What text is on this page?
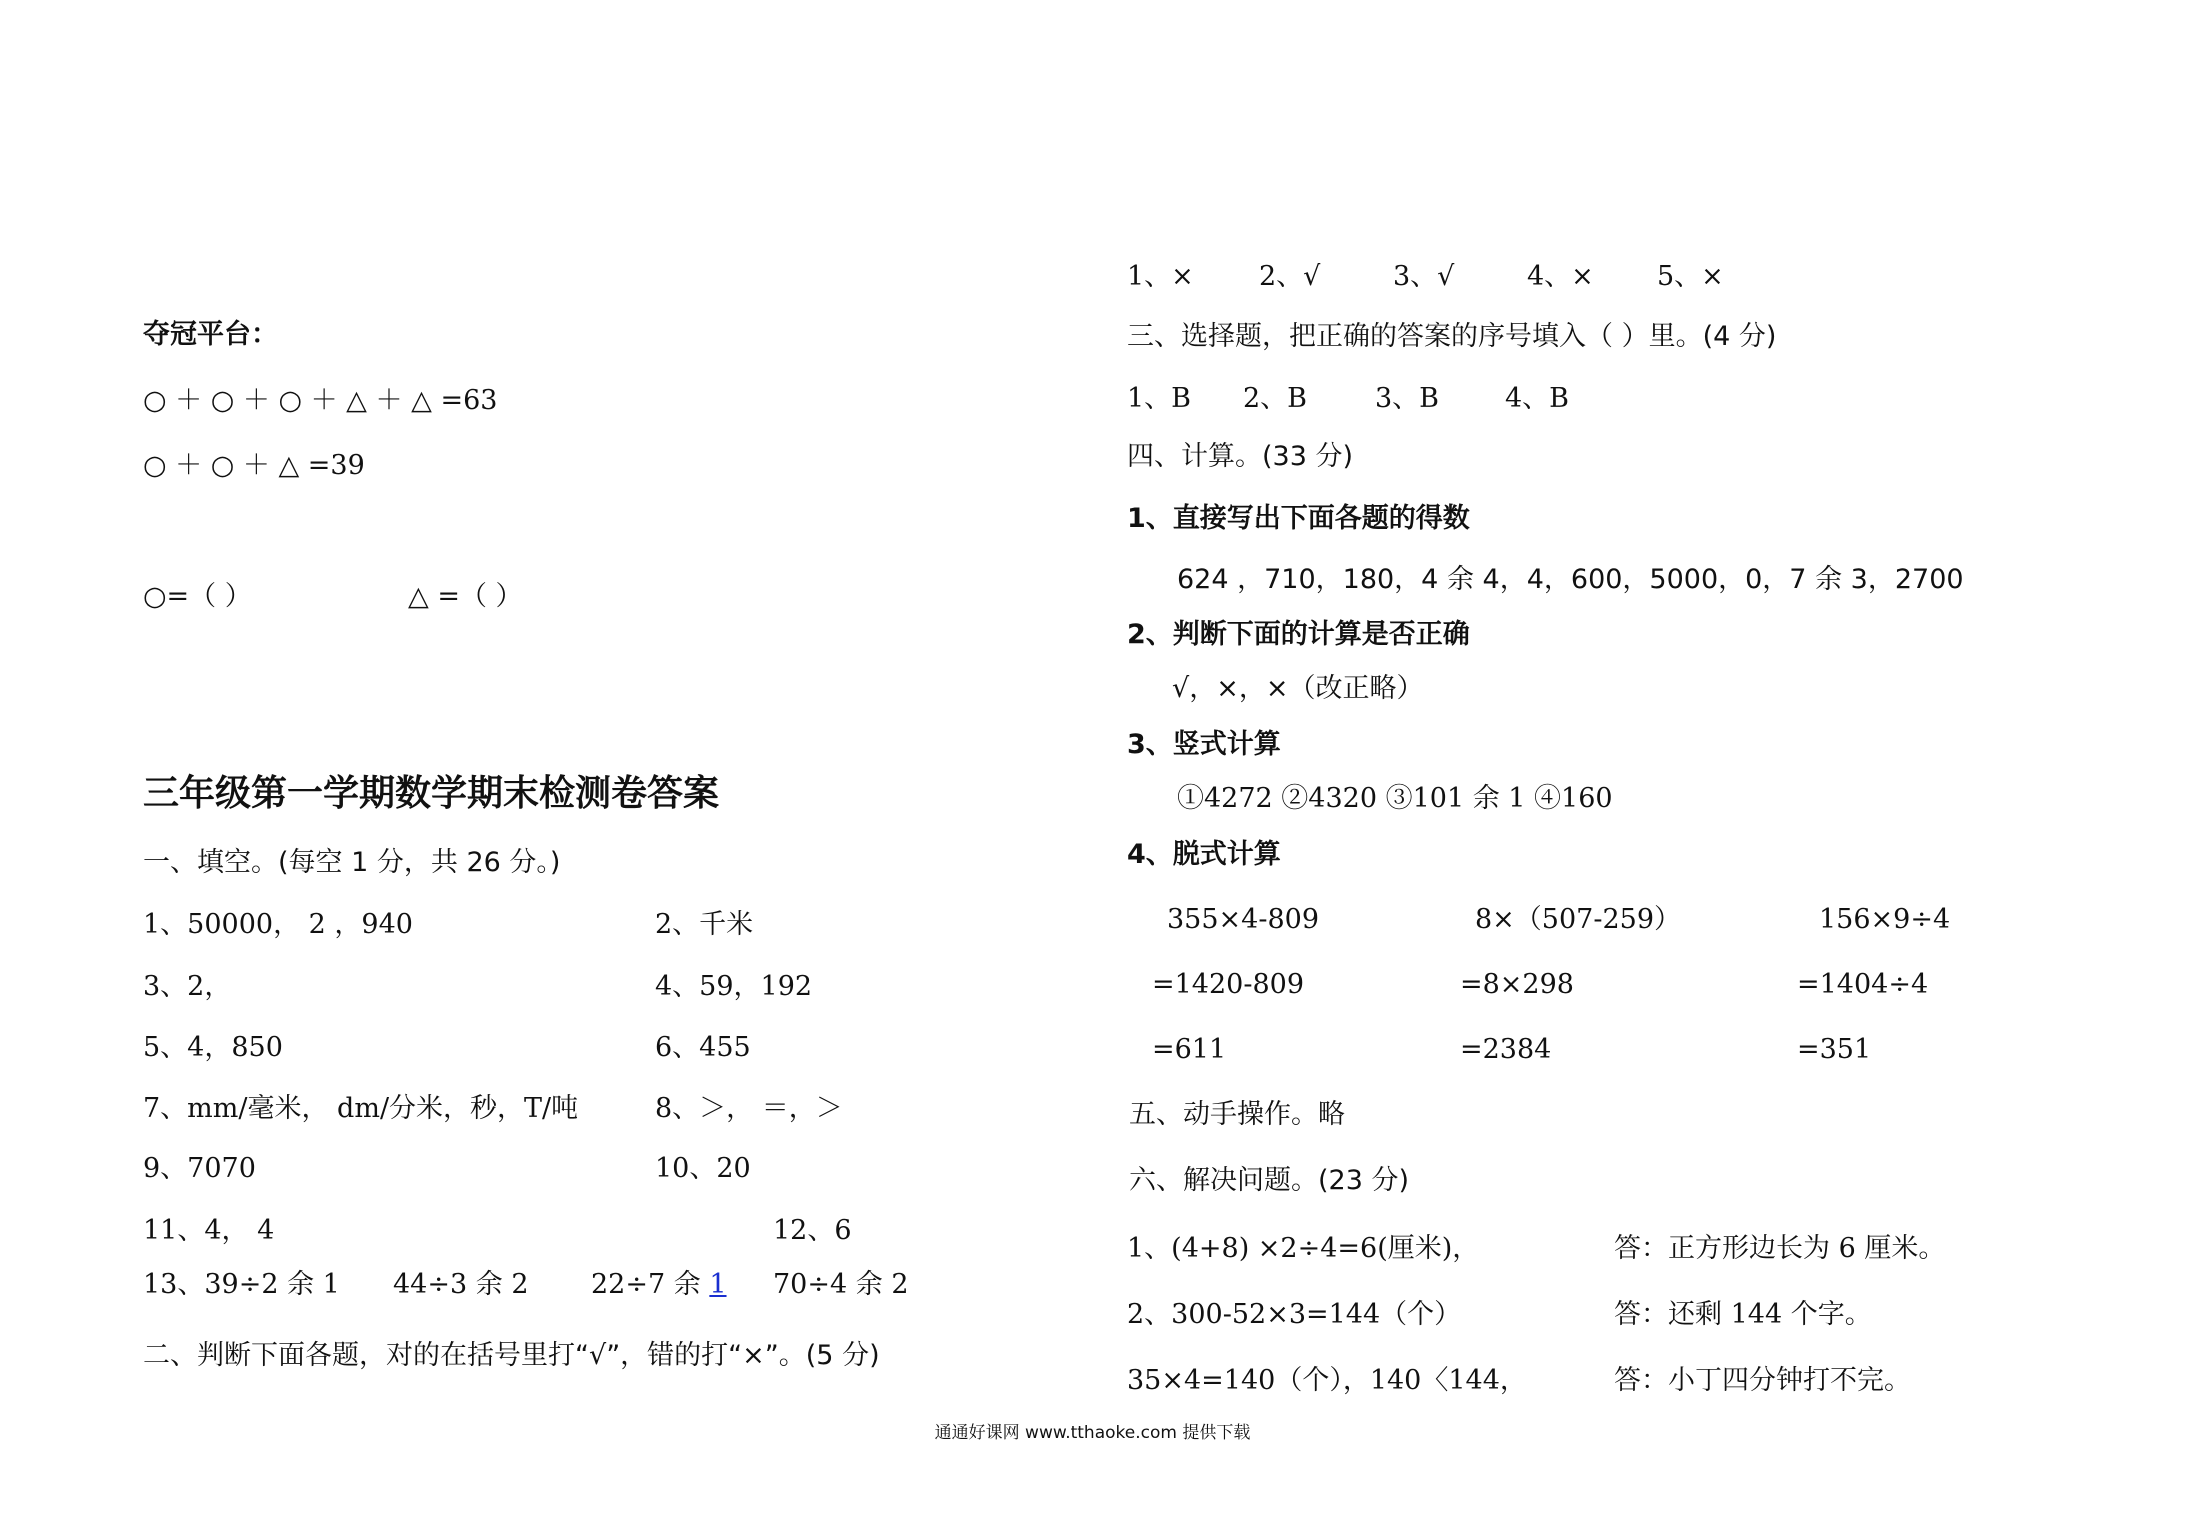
夺冠平台：
○ ＋ ○ ＋ ○ ＋ △ ＋ △ =63
○ ＋ ○ ＋ △ =39
○=（ ）	△ =（ ）
三年级第一学期数学期末检测卷答案
一、填空。(每空 1 分，共 26 分。)
1、50000， 2 ，940	2、千米
3、2，	4、59，192
5、4，850	6、455
7、mm/毫米， dm/分米，秒，T/吨	8、＞， ＝，＞
9、7070	10、20
11、4， 4	12、6
13、39÷2 余 1 44÷3 余 2 22÷7 余 1 70÷4 余 2
二、判断下面各题，对的在括号里打“√”，错的打“×”。(5 分)
1、× 2、√	3、√	4、× 5、×
三、选择题，把正确的答案的序号填入（ ）里。(4 分)
1、B 2、B	3、B 4、B
四、计算。(33 分)
1、直接写出下面各题的得数
624 ，710，180，4 余 4，4，600，5000，0，7 余 3，2700
2、判断下面的计算是否正确
√，×，×（改正略）
3、竖式计算
①4272 ②4320 ③101 余 1 ④160
4、脱式计算
355×4-809	8×（507-259）	156×9÷4
=1420-809	=8×298	=1404÷4
=611	=2384	=351
五、动手操作。略
六、解决问题。(23 分)
1、(4+8) ×2÷4=6(厘米)，	答：正方形边长为 6 厘米。
2、300-52×3=144（个）	答：还剩 144 个字。
35×4=140（个），140〈144，	答：小丁四分钟打不完。
通通好课网 www.tthaoke.com 提供下载
